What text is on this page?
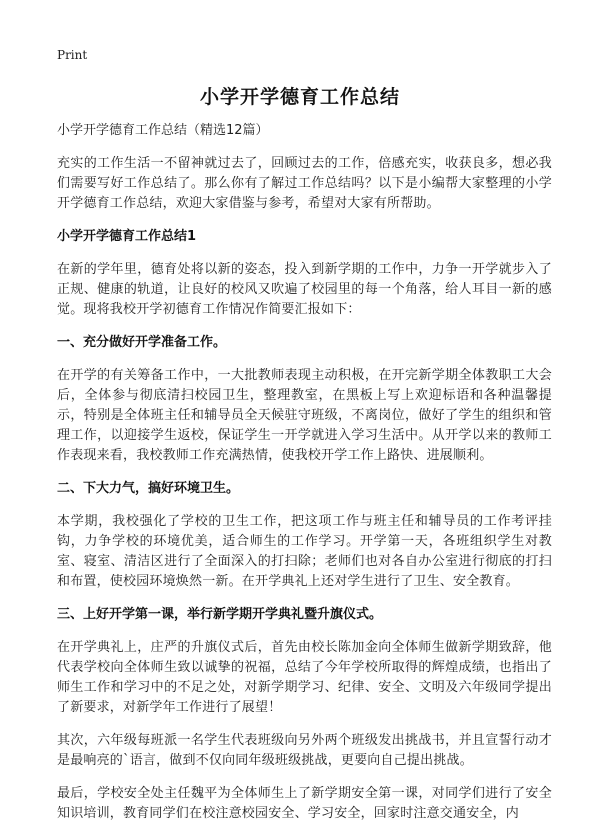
Print
小学开学德育工作总结

小学开学德育工作总结（精选12篇）

充实的工作生活一不留神就过去了，回顾过去的工作，倍感充实，收获良多，想必我们需要写好工作总结了。那么你有了解过工作总结吗？以下是小编帮大家整理的小学开学德育工作总结，欢迎大家借鉴与参考，希望对大家有所帮助。

小学开学德育工作总结1

在新的学年里，德育处将以新的姿态，投入到新学期的工作中，力争一开学就步入了正规、健康的轨道，让良好的校风又吹遍了校园里的每一个角落，给人耳目一新的感觉。现将我校开学初德育工作情况作简要汇报如下：

一、充分做好开学准备工作。

在开学的有关筹备工作中，一大批教师表现主动积极，在开完新学期全体教职工大会后，全体参与彻底清扫校园卫生，整理教室，在黑板上写上欢迎标语和各种温馨提示，特别是全体班主任和辅导员全天候驻守班级，不离岗位，做好了学生的组织和管理工作，以迎接学生返校，保证学生一开学就进入学习生活中。从开学以来的教师工作表现来看，我校教师工作充满热情，使我校开学工作上路快、进展顺利。

二、下大力气，搞好环境卫生。

本学期，我校强化了学校的卫生工作，把这项工作与班主任和辅导员的工作考评挂钩，力争学校的环境优美，适合师生的工作学习。开学第一天，各班组织学生对教室、寝室、清洁区进行了全面深入的打扫除；老师们也对各自办公室进行彻底的打扫和布置，使校园环境焕然一新。在开学典礼上还对学生进行了卫生、安全教育。

三、上好开学第一课，举行新学期开学典礼暨升旗仪式。

在开学典礼上，庄严的升旗仪式后，首先由校长陈加金向全体师生做新学期致辞，他代表学校向全体师生致以诚挚的祝福，总结了今年学校所取得的辉煌成绩，也指出了师生工作和学习中的不足之处，对新学期学习、纪律、安全、文明及六年级同学提出了新要求，对新学年工作进行了展望！

其次，六年级每班派一名学生代表班级向另外两个班级发出挑战书，并且宣誓行动才是最响亮的`语言，做到不仅向同年级班级挑战，更要向自己提出挑战。

最后，学校安全处主任魏平为全体师生上了新学期安全第一课，对同学们进行了安全知识培训，教育同学们在校注意校园安全、学习安全，回家时注意交通安全，内
